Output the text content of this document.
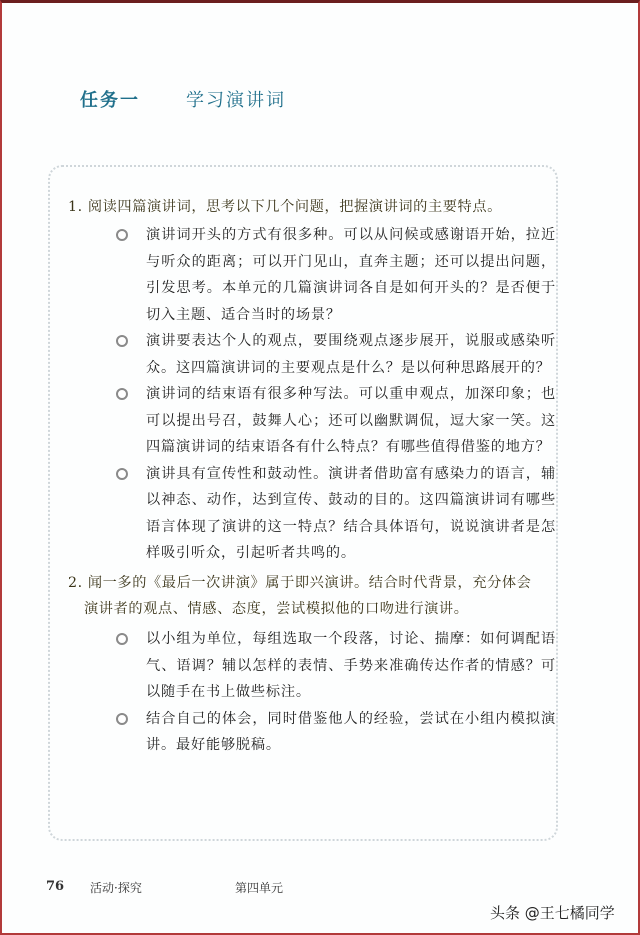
任务一	学习演讲词
1. 阅读四篇演讲词，思考以下几个问题，把握演讲词的主要特点。
演讲词开头的方式有很多种。可以从问候或感谢语开始，拉近与听众的距离；可以开门见山，直奔主题；还可以提出问题，引发思考。本单元的几篇演讲词各自是如何开头的？是否便于切入主题、适合当时的场景？
演讲要表达个人的观点，要围绕观点逐步展开，说服或感染听众。这四篇演讲词的主要观点是什么？是以何种思路展开的？
演讲词的结束语有很多种写法。可以重申观点，加深印象；也可以提出号召，鼓舞人心；还可以幽默调侃，逗大家一笑。这四篇演讲词的结束语各有什么特点？有哪些值得借鉴的地方？
演讲具有宣传性和鼓动性。演讲者借助富有感染力的语言，辅以神态、动作，达到宣传、鼓动的目的。这四篇演讲词有哪些语言体现了演讲的这一特点？结合具体语句，说说演讲者是怎样吸引听众，引起听者共鸣的。
2. 闻一多的《最后一次讲演》属于即兴演讲。结合时代背景，充分体会
演讲者的观点、情感、态度，尝试模拟他的口吻进行演讲。
以小组为单位，每组选取一个段落，讨论、揣摩：如何调配语气、语调？辅以怎样的表情、手势来准确传达作者的情感？可以随手在书上做些标注。
结合自己的体会，同时借鉴他人的经验，尝试在小组内模拟演讲。最好能够脱稿。
76 活动·探究	第四单元
头条 @王七橘同学
